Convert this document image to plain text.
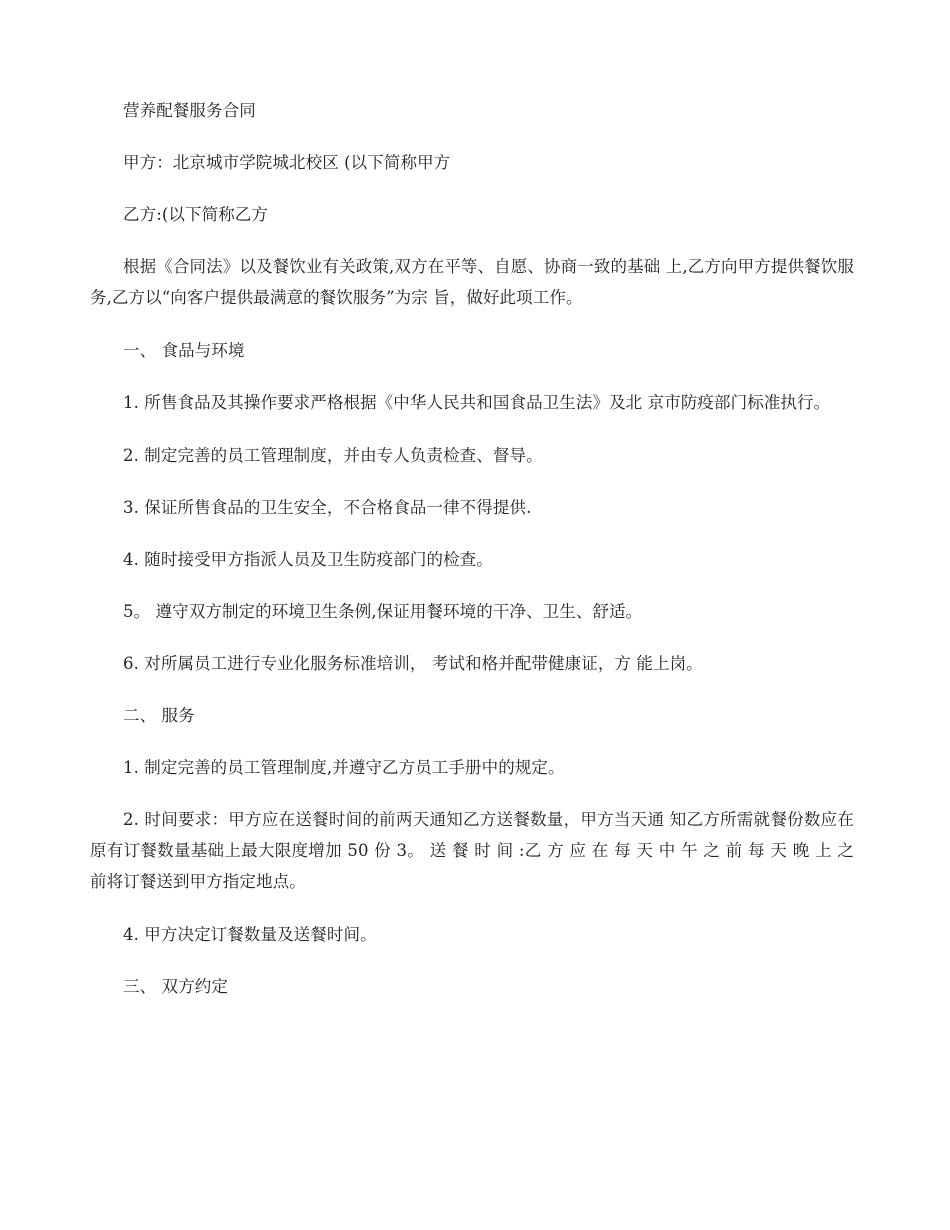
营养配餐服务合同

甲方：北京城市学院城北校区 (以下简称甲方

乙方:(以下简称乙方

根据《合同法》以及餐饮业有关政策,双方在平等、自愿、协商一致的基础 上,乙方向甲方提供餐饮服务,乙方以“向客户提供最满意的餐饮服务”为宗 旨，做好此项工作。

一、 食品与环境

1. 所售食品及其操作要求严格根据《中华人民共和国食品卫生法》及北 京市防疫部门标准执行。

2. 制定完善的员工管理制度，并由专人负责检查、督导。

3. 保证所售食品的卫生安全，不合格食品一律不得提供.

4. 随时接受甲方指派人员及卫生防疫部门的检查。

5。 遵守双方制定的环境卫生条例,保证用餐环境的干净、卫生、舒适。

6. 对所属员工进行专业化服务标准培训， 考试和格并配带健康证，方 能上岗。

二、 服务

1. 制定完善的员工管理制度,并遵守乙方员工手册中的规定。

2. 时间要求：甲方应在送餐时间的前两天通知乙方送餐数量，甲方当天通 知乙方所需就餐份数应在原有订餐数量基础上最大限度增加 50 份 3。 送 餐 时 间 :乙 方 应 在 每 天 中 午 之 前 每 天 晚 上 之前将订餐送到甲方指定地点。

4. 甲方决定订餐数量及送餐时间。

三、 双方约定
